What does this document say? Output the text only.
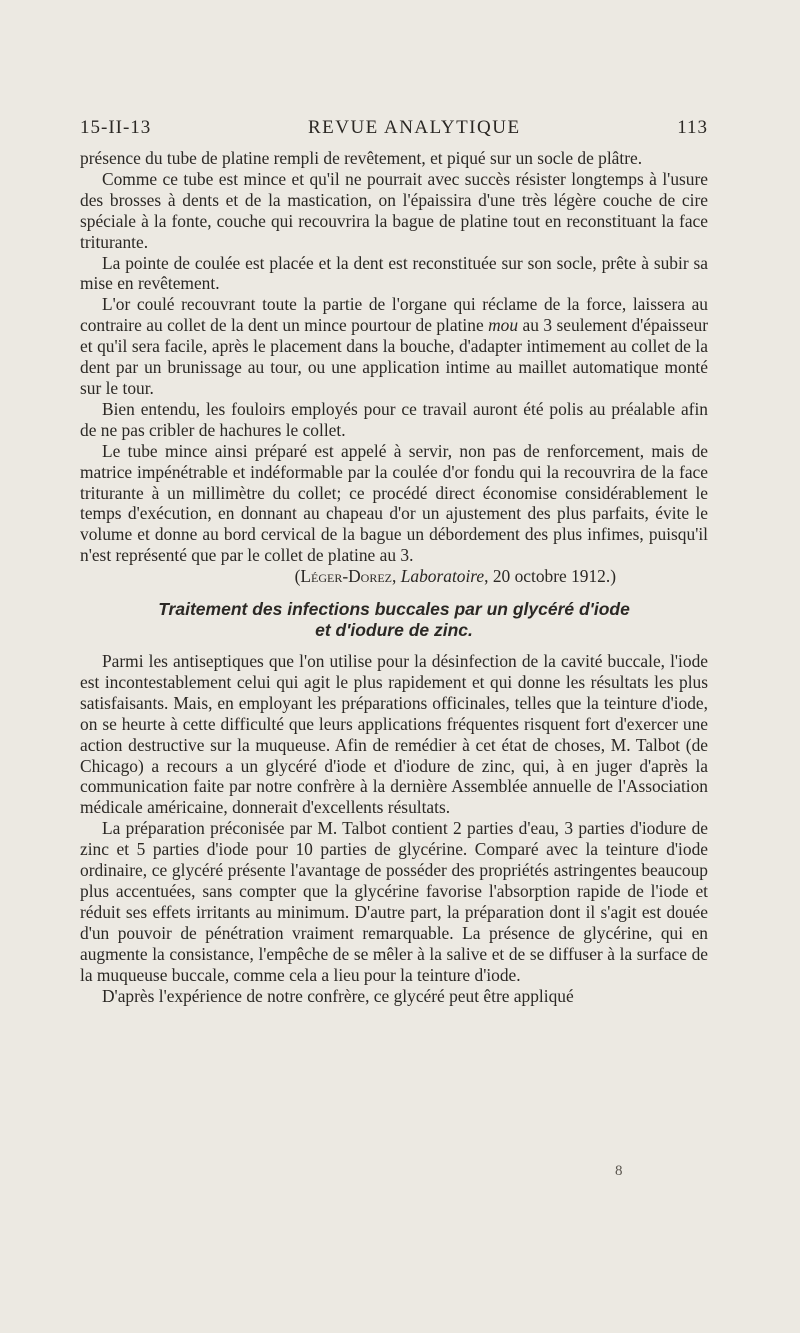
15-II-13	REVUE ANALYTIQUE	113

présence du tube de platine rempli de revêtement, et piqué sur un socle de plâtre.

Comme ce tube est mince et qu'il ne pourrait avec succès résister longtemps à l'usure des brosses à dents et de la mastication, on l'épaissira d'une très légère couche de cire spéciale à la fonte, couche qui recouvrira la bague de platine tout en reconstituant la face triturante.

La pointe de coulée est placée et la dent est reconstituée sur son socle, prête à subir sa mise en revêtement.

L'or coulé recouvrant toute la partie de l'organe qui réclame de la force, laissera au contraire au collet de la dent un mince pourtour de platine mou au 3 seulement d'épaisseur et qu'il sera facile, après le placement dans la bouche, d'adapter intimement au collet de la dent par un brunissage au tour, ou une application intime au maillet automatique monté sur le tour.

Bien entendu, les fouloirs employés pour ce travail auront été polis au préalable afin de ne pas cribler de hachures le collet.

Le tube mince ainsi préparé est appelé à servir, non pas de renforcement, mais de matrice impénétrable et indéformable par la coulée d'or fondu qui la recouvrira de la face triturante à un millimètre du collet; ce procédé direct économise considérablement le temps d'exécution, en donnant au chapeau d'or un ajustement des plus parfaits, évite le volume et donne au bord cervical de la bague un débordement des plus infimes, puisqu'il n'est représenté que par le collet de platine au 3.

(Léger-Dorez, Laboratoire, 20 octobre 1912.)

Traitement des infections buccales par un glycéré d'iode
et d'iodure de zinc.

Parmi les antiseptiques que l'on utilise pour la désinfection de la cavité buccale, l'iode est incontestablement celui qui agit le plus rapidement et qui donne les résultats les plus satisfaisants. Mais, en employant les préparations officinales, telles que la teinture d'iode, on se heurte à cette difficulté que leurs applications fréquentes risquent fort d'exercer une action destructive sur la muqueuse. Afin de remédier à cet état de choses, M. Talbot (de Chicago) a recours a un glycéré d'iode et d'iodure de zinc, qui, à en juger d'après la communication faite par notre confrère à la dernière Assemblée annuelle de l'Association médicale américaine, donnerait d'excellents résultats.

La préparation préconisée par M. Talbot contient 2 parties d'eau, 3 parties d'iodure de zinc et 5 parties d'iode pour 10 parties de glycérine. Comparé avec la teinture d'iode ordinaire, ce glycéré présente l'avantage de posséder des propriétés astringentes beaucoup plus accentuées, sans compter que la glycérine favorise l'absorption rapide de l'iode et réduit ses effets irritants au minimum. D'autre part, la préparation dont il s'agit est douée d'un pouvoir de pénétration vraiment remarquable. La présence de glycérine, qui en augmente la consistance, l'empêche de se mêler à la salive et de se diffuser à la surface de la muqueuse buccale, comme cela a lieu pour la teinture d'iode.

D'après l'expérience de notre confrère, ce glycéré peut être appliqué

8
